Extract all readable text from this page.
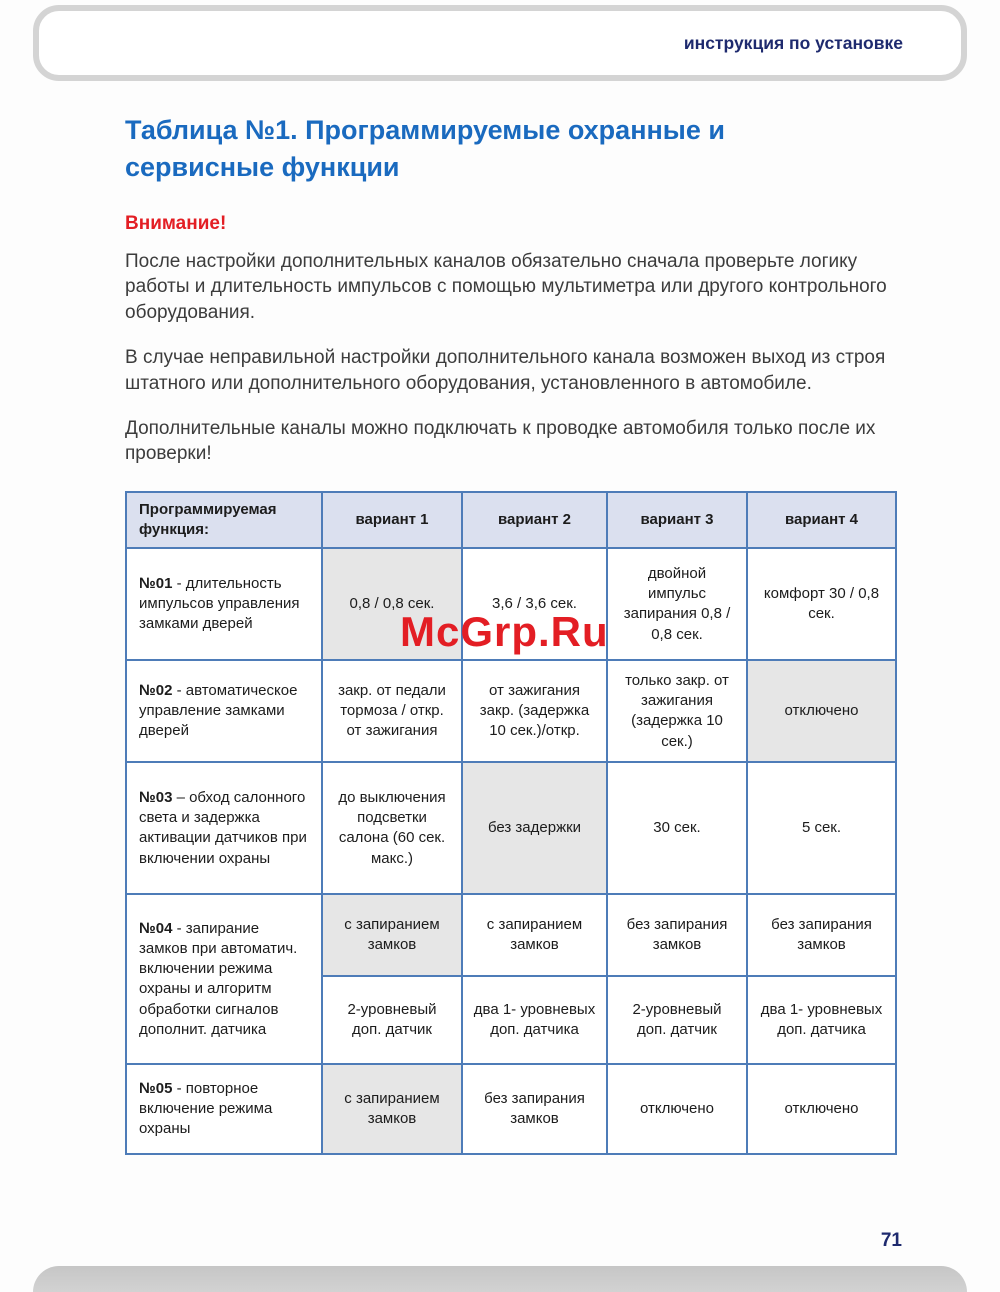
инструкция по установке
Таблица №1. Программируемые охранные и сервисные функции

Внимание!

После настройки дополнительных каналов обязательно сначала проверьте логику работы и длительность импульсов с помощью мультиметра или другого контрольного оборудования.

В случае неправильной настройки дополнительного канала возможен выход из строя штатного или дополнительного оборудования, установленного в автомобиле.

Дополнительные каналы можно подключать к проводке автомобиля только после их проверки!

Программируемая функция:	вариант 1	вариант 2	вариант 3	вариант 4
№01 - длительность импульсов управления замками дверей	0,8 / 0,8 сек.	3,6 / 3,6 сек.	двойной импульс запирания 0,8 / 0,8 сек.	комфорт 30 / 0,8 сек.
№02 - автоматическое управление замками дверей	закр. от педали тормоза / откр. от зажигания	от зажигания закр. (задержка 10 сек.)/откр.	только закр. от зажигания (задержка 10 сек.)	отключено
№03 – обход салонного света и задержка активации датчиков при включении охраны	до выключения подсветки салона (60 сек. макс.)	без задержки	30 сек.	5 сек.
№04 - запирание замков при автоматич. включении режима охраны и алгоритм обработки сигналов дополнит. датчика	с запиранием замков	с запиранием замков	без запирания замков	без запирания замков
	2-уровневый доп. датчик	два 1- уровневых доп. датчика	2-уровневый доп. датчик	два 1- уровневых доп. датчика
№05 - повторное включение режима охраны	с запиранием замков	без запирания замков	отключено	отключено
McGrp.Ru
71
